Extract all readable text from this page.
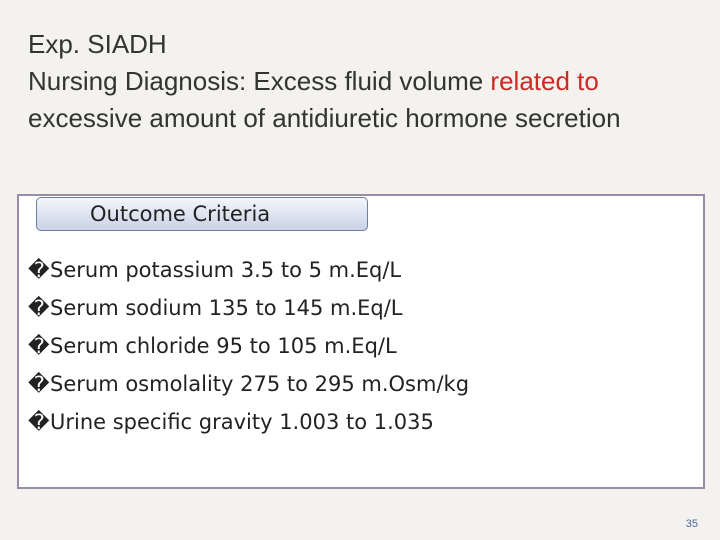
Exp. SIADH
Nursing Diagnosis: Excess fluid volume related to excessive amount of antidiuretic hormone secretion
Outcome Criteria
� Serum potassium 3.5 to 5 m.Eq/L
� Serum sodium 135 to 145 m.Eq/L
� Serum chloride 95 to 105 m.Eq/L
� Serum osmolality 275 to 295 m.Osm/kg
� Urine specific gravity 1.003 to 1.035
35
